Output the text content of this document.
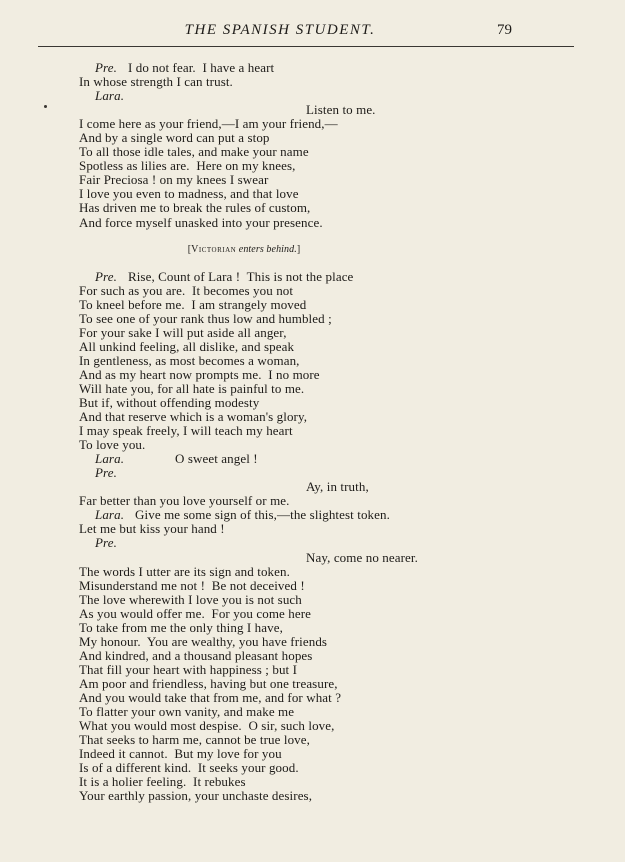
THE SPANISH STUDENT.	79
Pre. I do not fear.  I have a heart
In whose strength I can trust.
Lara.
Listen to me.
I come here as your friend,—I am your friend,—
And by a single word can put a stop
To all those idle tales, and make your name
Spotless as lilies are.  Here on my knees,
Fair Preciosa ! on my knees I swear
I love you even to madness, and that love
Has driven me to break the rules of custom,
And force myself unasked into your presence.
[Victorian enters behind.]
Pre. Rise, Count of Lara !  This is not the place
For such as you are.  It becomes you not
To kneel before me.  I am strangely moved
To see one of your rank thus low and humbled ;
For your sake I will put aside all anger,
All unkind feeling, all dislike, and speak
In gentleness, as most becomes a woman,
And as my heart now prompts me.  I no more
Will hate you, for all hate is painful to me.
But if, without offending modesty
And that reserve which is a woman's glory,
I may speak freely, I will teach my heart
To love you.
Lara.	O sweet angel !
Pre.
Ay, in truth,
Far better than you love yourself or me.
Lara. Give me some sign of this,—the slightest token.
Let me but kiss your hand !
Pre.
Nay, come no nearer.
The words I utter are its sign and token.
Misunderstand me not !  Be not deceived !
The love wherewith I love you is not such
As you would offer me.  For you come here
To take from me the only thing I have,
My honour.  You are wealthy, you have friends
And kindred, and a thousand pleasant hopes
That fill your heart with happiness ; but I
Am poor and friendless, having but one treasure,
And you would take that from me, and for what ?
To flatter your own vanity, and make me
What you would most despise.  O sir, such love,
That seeks to harm me, cannot be true love,
Indeed it cannot.  But my love for you
Is of a different kind.  It seeks your good.
It is a holier feeling.  It rebukes
Your earthly passion, your unchaste desires,
